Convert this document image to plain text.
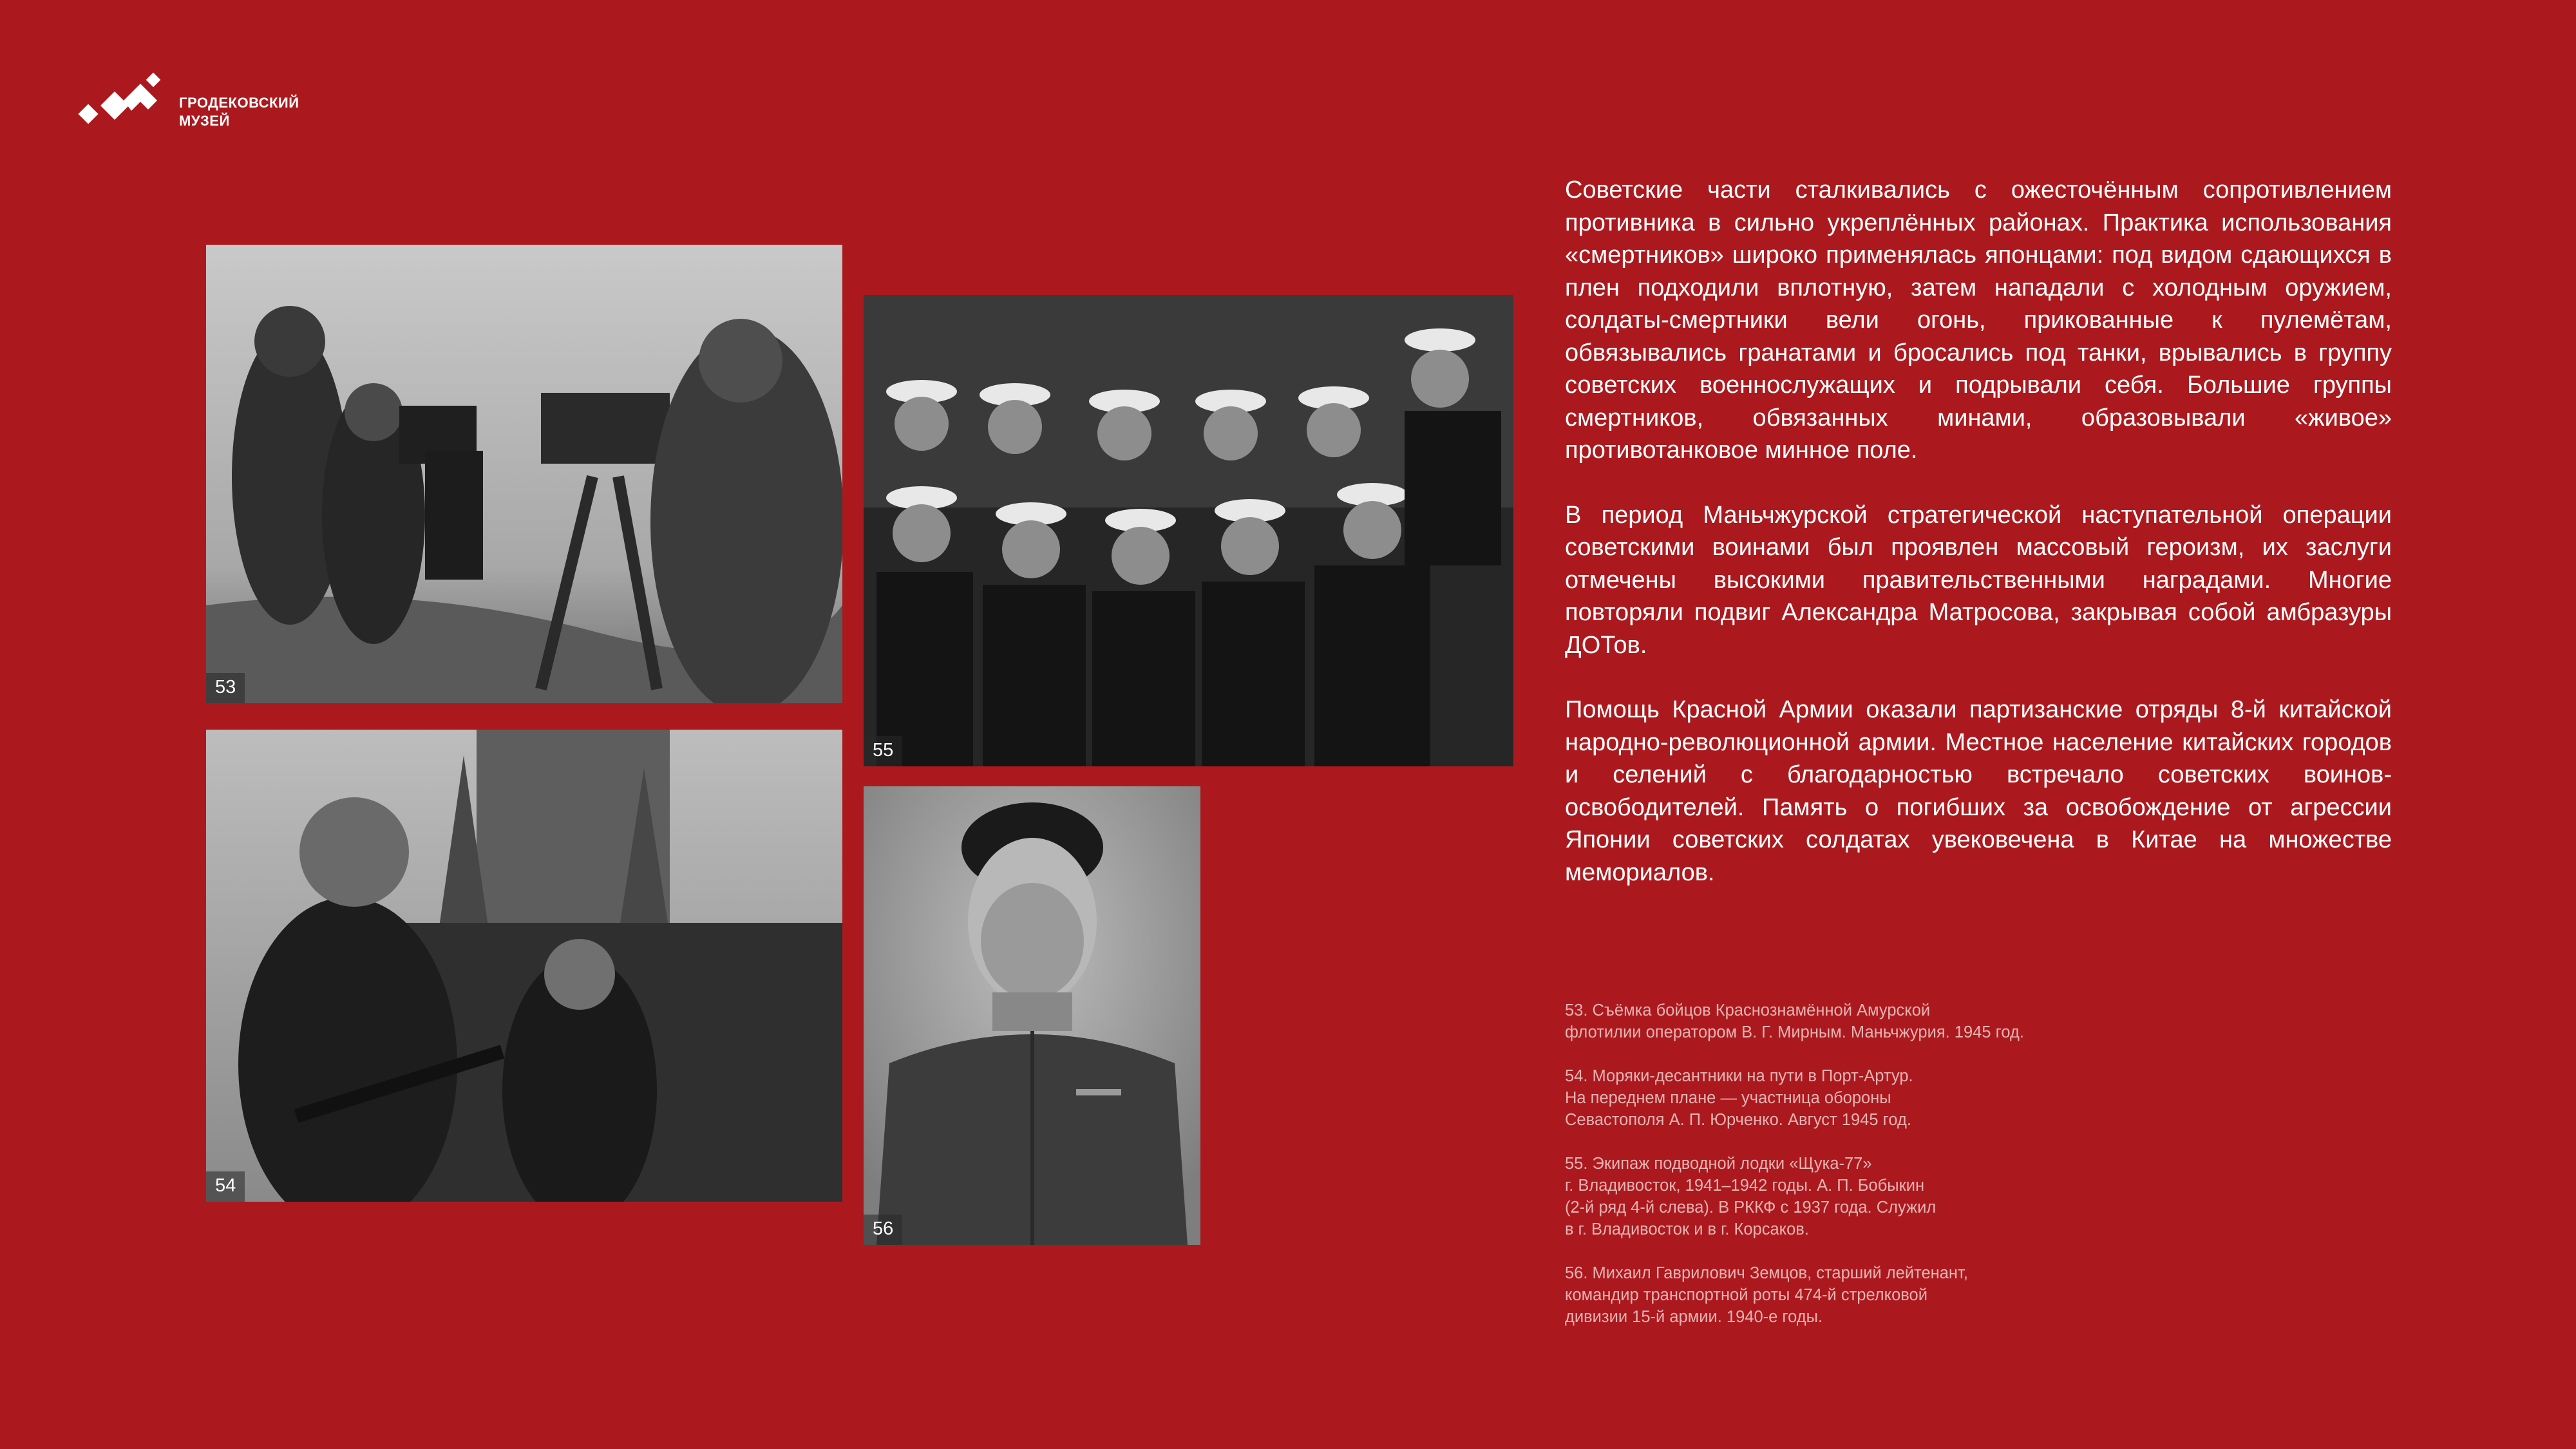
ГРОДЕКОВСКИЙ
МУЗЕЙ
53
54
55
56

Советские части сталкивались с ожесточённым сопротивлением противника в сильно укреплённых районах. Практика использования «смертников» широко применялась японцами: под видом сдающихся в плен подходили вплотную, затем нападали с холодным оружием, солдаты-смертники вели огонь, прикованные к пулемётам, обвязывались гранатами и бросались под танки, врывались в группу советских военнослужащих и подрывали себя. Большие группы смертников, обвязанных минами, образовывали «живое» противотанковое минное поле.

В период Маньчжурской стратегической наступательной операции советскими воинами был проявлен массовый героизм, их заслуги отмечены высокими правительственными наградами. Многие повторяли подвиг Александра Матросова, закрывая собой амбразуры ДОТов.

Помощь Красной Армии оказали партизанские отряды 8-й китайской народно-революционной армии. Местное население китайских городов и селений с благодарностью встречало советских воинов-освободителей. Память о погибших за освобождение от агрессии Японии советских солдатах увековечена в Китае на множестве мемориалов.

53. Съёмка бойцов Краснознамённой Амурской
флотилии оператором В. Г. Мирным. Маньчжурия. 1945 год.
54. Моряки-десантники на пути в Порт-Артур.
На переднем плане — участница обороны
Севастополя А. П. Юрченко. Август 1945 год.
55. Экипаж подводной лодки «Щука-77»
г. Владивосток, 1941–1942 годы. А. П. Бобыкин
(2-й ряд 4-й слева). В РККФ с 1937 года. Служил
в г. Владивосток и в г. Корсаков.
56. Михаил Гаврилович Земцов, старший лейтенант,
командир транспортной роты 474-й стрелковой
дивизии 15-й армии. 1940-е годы.
